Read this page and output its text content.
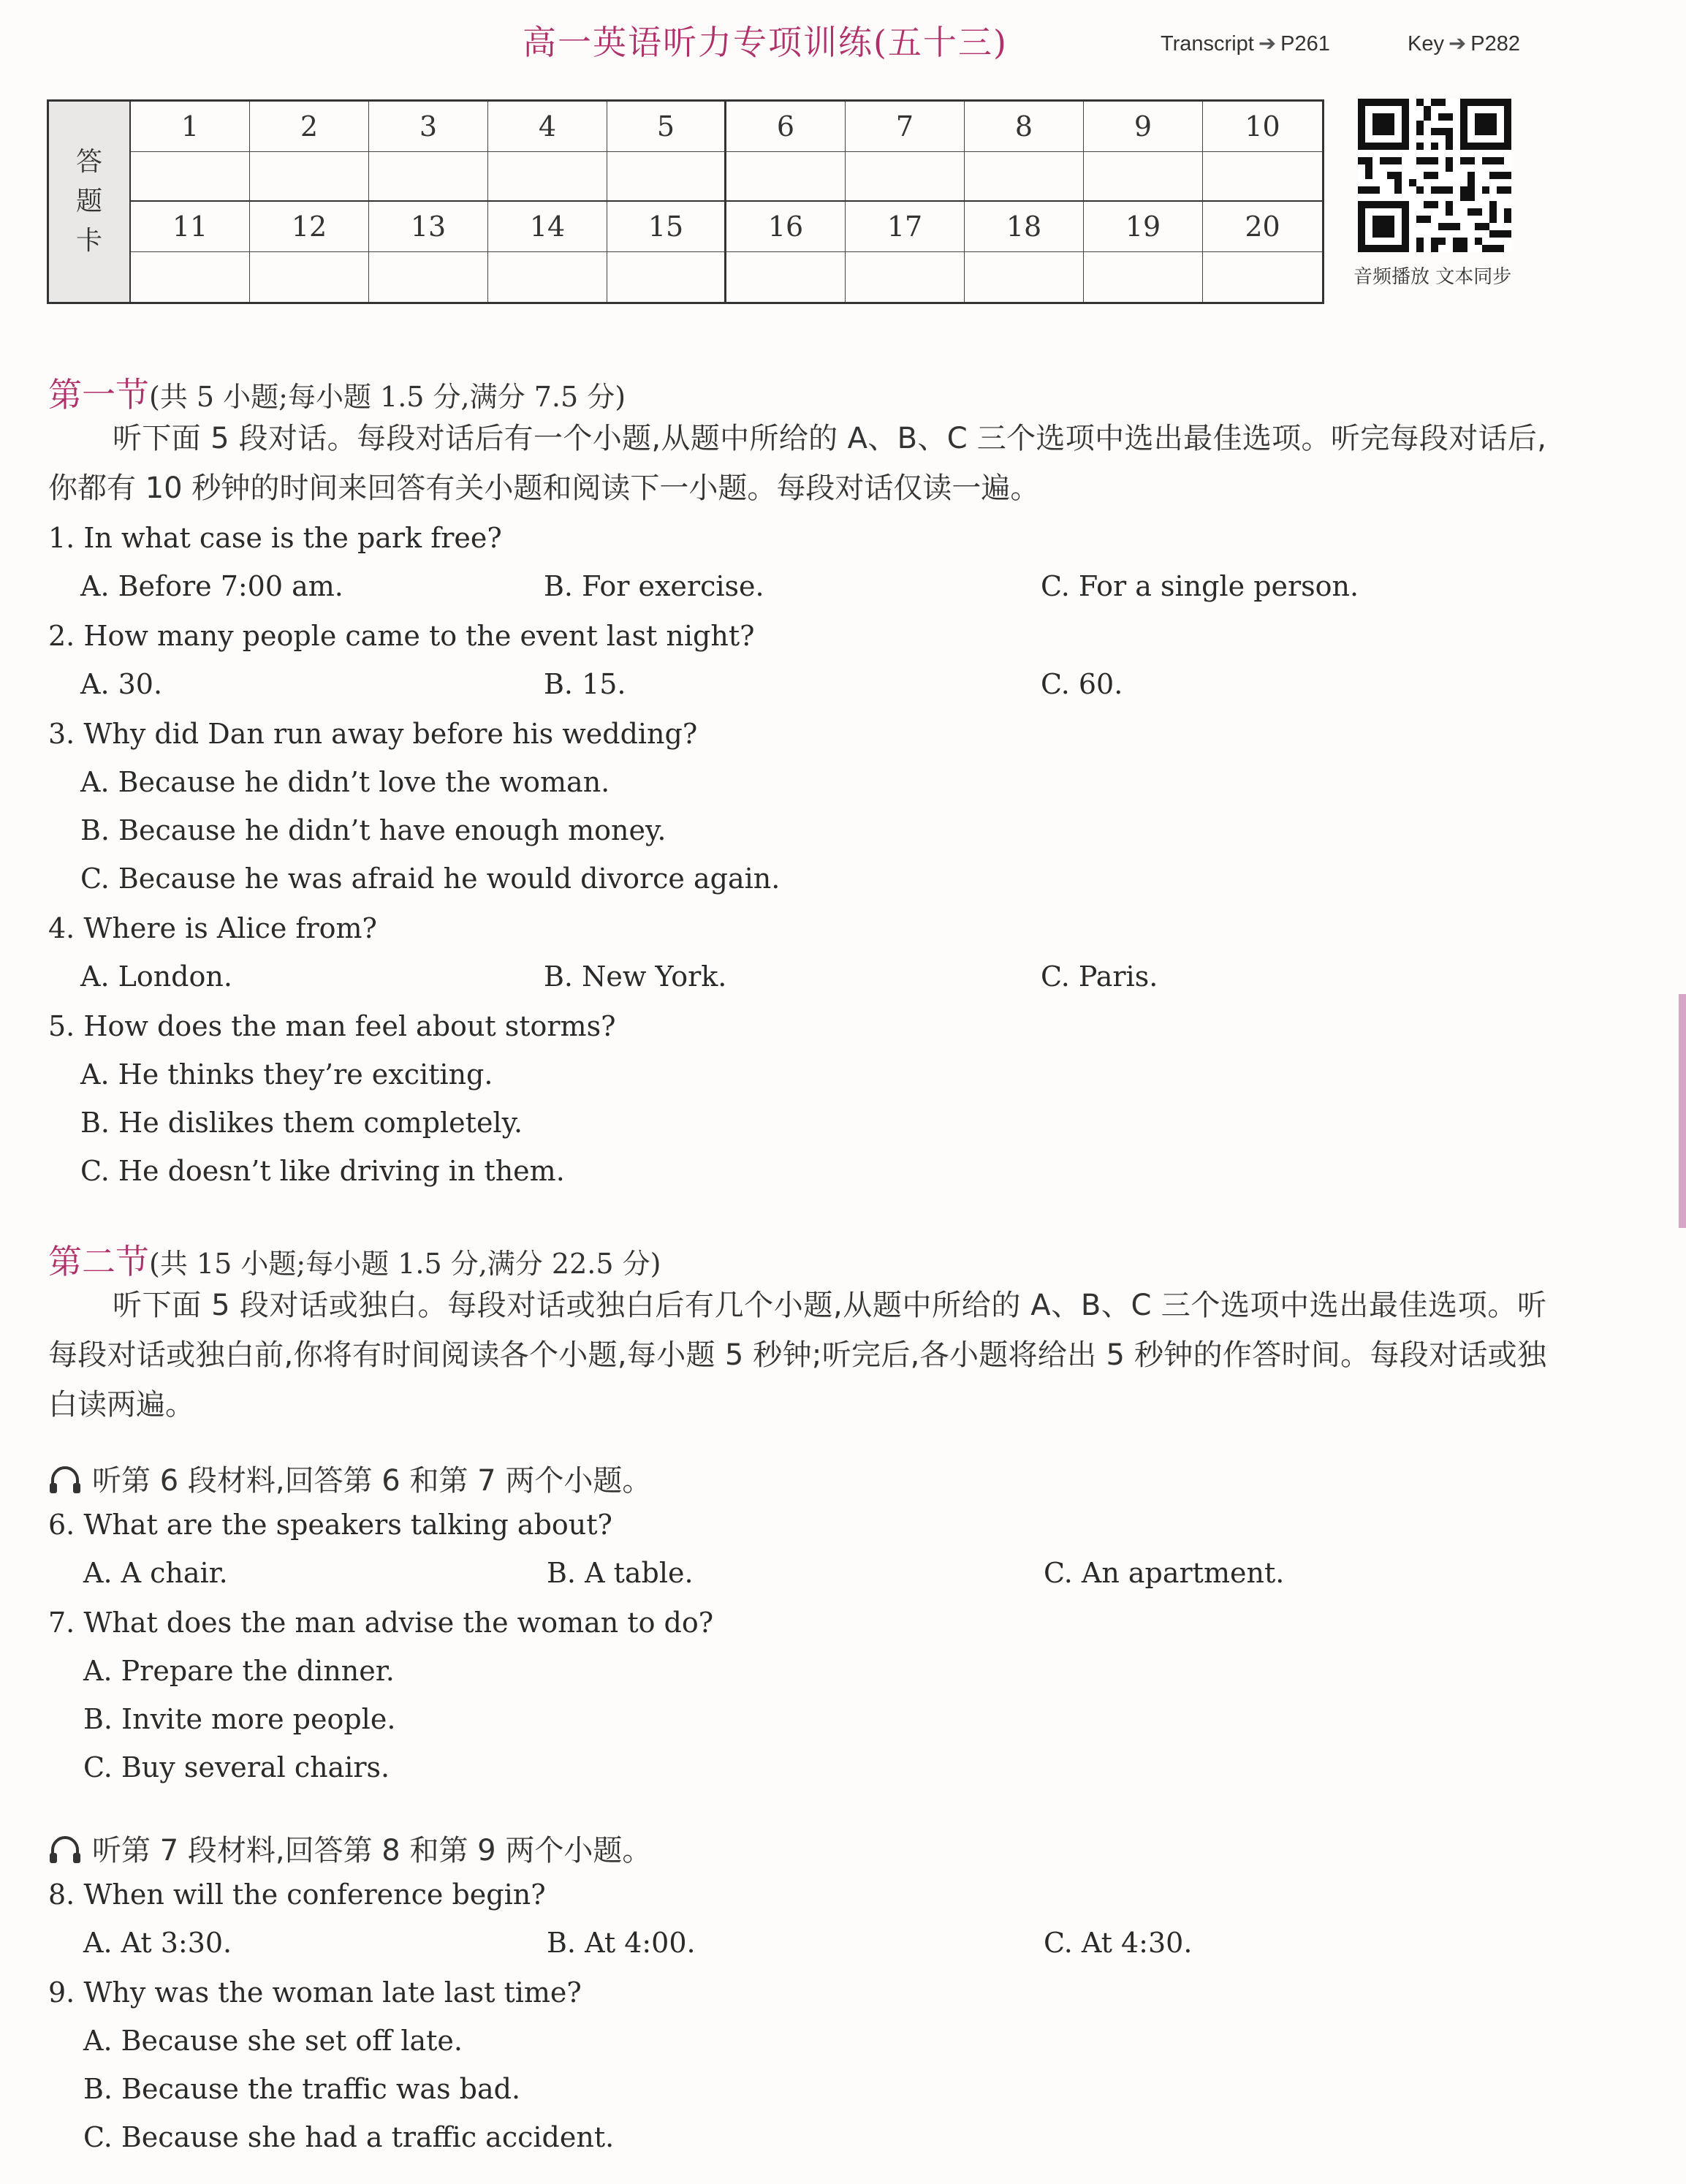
高一英语听力专项训练(五十三)	Transcript ➔ P261	Key ➔ P282
答
题
卡
1	2	3	4	5	6	7	8	9	10
11	12	13	14	15	16	17	18	19	20
音频播放 文本同步
第一节(共 5 小题;每小题 1.5 分,满分 7.5 分)
听下面 5 段对话。每段对话后有一个小题,从题中所给的 A、B、C 三个选项中选出最佳选项。听完每段对话后,你都有 10 秒钟的时间来回答有关小题和阅读下一小题。每段对话仅读一遍。
1. In what case is the park free?
A. Before 7:00 am.	B. For exercise.	C. For a single person.
2. How many people came to the event last night?
A. 30.	B. 15.	C. 60.
3. Why did Dan run away before his wedding?
A. Because he didn’t love the woman.
B. Because he didn’t have enough money.
C. Because he was afraid he would divorce again.
4. Where is Alice from?
A. London.	B. New York.	C. Paris.
5. How does the man feel about storms?
A. He thinks they’re exciting.
B. He dislikes them completely.
C. He doesn’t like driving in them.
第二节(共 15 小题;每小题 1.5 分,满分 22.5 分)
听下面 5 段对话或独白。每段对话或独白后有几个小题,从题中所给的 A、B、C 三个选项中选出最佳选项。听每段对话或独白前,你将有时间阅读各个小题,每小题 5 秒钟;听完后,各小题将给出 5 秒钟的作答时间。每段对话或独白读两遍。
听第 6 段材料,回答第 6 和第 7 两个小题。
6. What are the speakers talking about?
A. A chair.	B. A table.	C. An apartment.
7. What does the man advise the woman to do?
A. Prepare the dinner.
B. Invite more people.
C. Buy several chairs.
听第 7 段材料,回答第 8 和第 9 两个小题。
8. When will the conference begin?
A. At 3:30.	B. At 4:00.	C. At 4:30.
9. Why was the woman late last time?
A. Because she set off late.
B. Because the traffic was bad.
C. Because she had a traffic accident.
